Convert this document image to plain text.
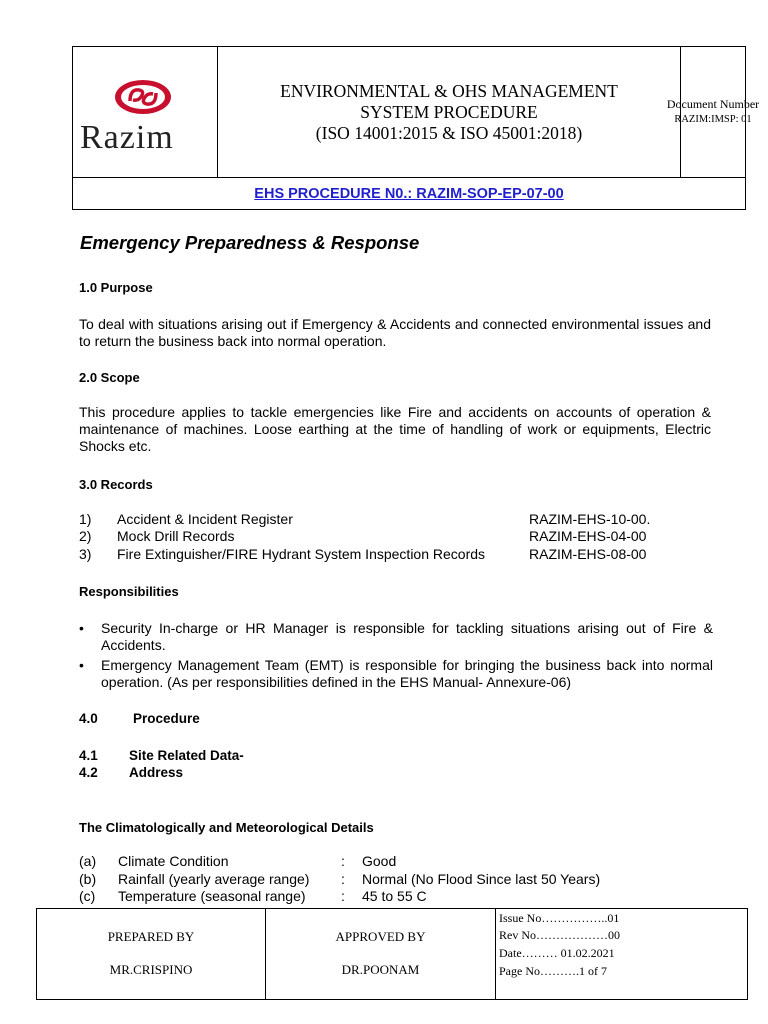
Razim
ENVIRONMENTAL & OHS MANAGEMENT
SYSTEM PROCEDURE
(ISO 14001:2015 & ISO 45001:2018)
Document Number
RAZIM:IMSP: 01
EHS PROCEDURE N0.: RAZIM-SOP-EP-07-00
Emergency Preparedness & Response
1.0 Purpose
To deal with situations arising out if Emergency & Accidents and connected environmental issues and to return the business back into normal operation.
2.0 Scope
This procedure applies to tackle emergencies like Fire and accidents on accounts of operation & maintenance of machines. Loose earthing at the time of handling of work or equipments, Electric Shocks etc.
3.0 Records
1) Accident & Incident Register	RAZIM-EHS-10-00.
2) Mock Drill Records	RAZIM-EHS-04-00
3) Fire Extinguisher/FIRE Hydrant System Inspection Records	RAZIM-EHS-08-00
Responsibilities
• Security In-charge or HR Manager is responsible for tackling situations arising out of Fire & Accidents.
• Emergency Management Team (EMT) is responsible for bringing the business back into normal operation. (As per responsibilities defined in the EHS Manual- Annexure-06)
4.0	Procedure
4.1 Site Related Data-
4.2 Address
The Climatologically and Meteorological Details
(a) Climate Condition	: Good
(b) Rainfall (yearly average range) : Normal (No Flood Since last 50 Years)
(c) Temperature (seasonal range)	: 45 to 55 C
PREPARED BY
MR.CRISPINO
APPROVED BY
DR.POONAM
Issue No……………..01
Rev No………………00
Date……… 01.02.2021
Page No……….1 of 7
